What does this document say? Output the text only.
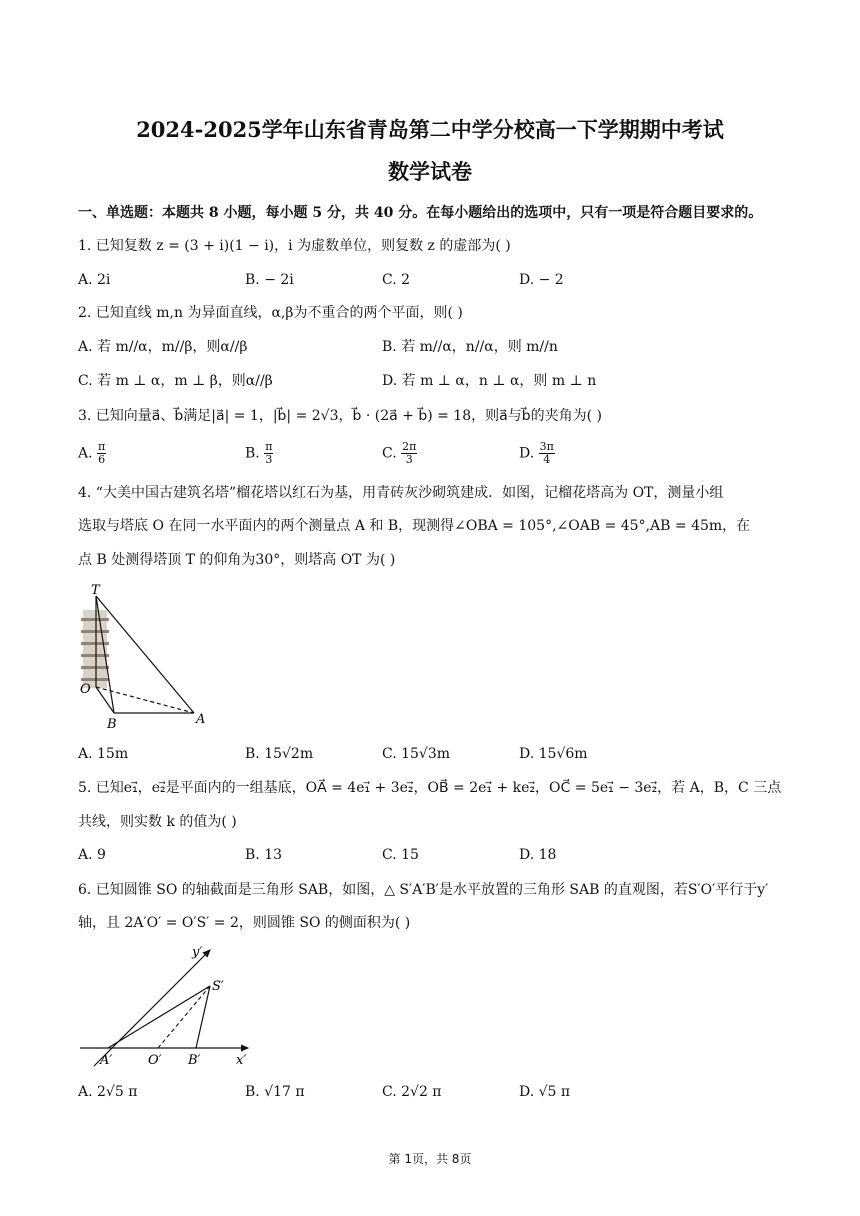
2024-2025学年山东省青岛第二中学分校高一下学期期中考试
数学试卷
一、单选题：本题共 8 小题，每小题 5 分，共 40 分。在每小题给出的选项中，只有一项是符合题目要求的。
1. 已知复数 z = (3 + i)(1 − i)，i 为虚数单位，则复数 z 的虚部为( )
A. 2i	B. − 2i	C. 2	D. − 2
2. 已知直线 m,n 为异面直线，α,β为不重合的两个平面，则( )
A. 若 m//α，m//β，则α//β	B. 若 m//α，n//α，则 m//n
C. 若 m ⊥ α，m ⊥ β，则α//β	D. 若 m ⊥ α，n ⊥ α，则 m ⊥ n
3. 已知向量a⃗、b⃗满足|a⃗| = 1，|b⃗| = 2√3，b⃗ · (2a⃗ + b⃗) = 18，则a⃗与b⃗的夹角为( )
A. $\frac{\pi}{6}$	B. $\frac{\pi}{3}$	C. $\frac{2\pi}{3}$	D. $\frac{3\pi}{4}$
4. “大美中国古建筑名塔”榴花塔以红石为基，用青砖灰沙砌筑建成．如图，记榴花塔高为 OT，测量小组
选取与塔底 O 在同一水平面内的两个测量点 A 和 B，现测得∠OBA = 105°,∠OAB = 45°,AB = 45m，在
点 B 处测得塔顶 T 的仰角为30°，则塔高 OT 为( )
T
O
B	A
A. 15m	B. 15√2m	C. 15√3m	D. 15√6m
5. 已知e₁⃗，e₂⃗是平面内的一组基底，OA⃗ = 4e₁⃗ + 3e₂⃗，OB⃗ = 2e₁⃗ + ke₂⃗，OC⃗ = 5e₁⃗ − 3e₂⃗，若 A，B，C 三点
共线，则实数 k 的值为( )
A. 9	B. 13	C. 15	D. 18
6. 已知圆锥 SO 的轴截面是三角形 SAB，如图，△ S′A′B′是水平放置的三角形 SAB 的直观图，若S′O′平行于y′
轴，且 2A′O′ = O′S′ = 2，则圆锥 SO 的侧面积为( )
y′
S′
A′	O′ B′	x′
A. 2√5 π	B. √17 π	C. 2√2 π	D. √5 π
第 1页，共 8页
